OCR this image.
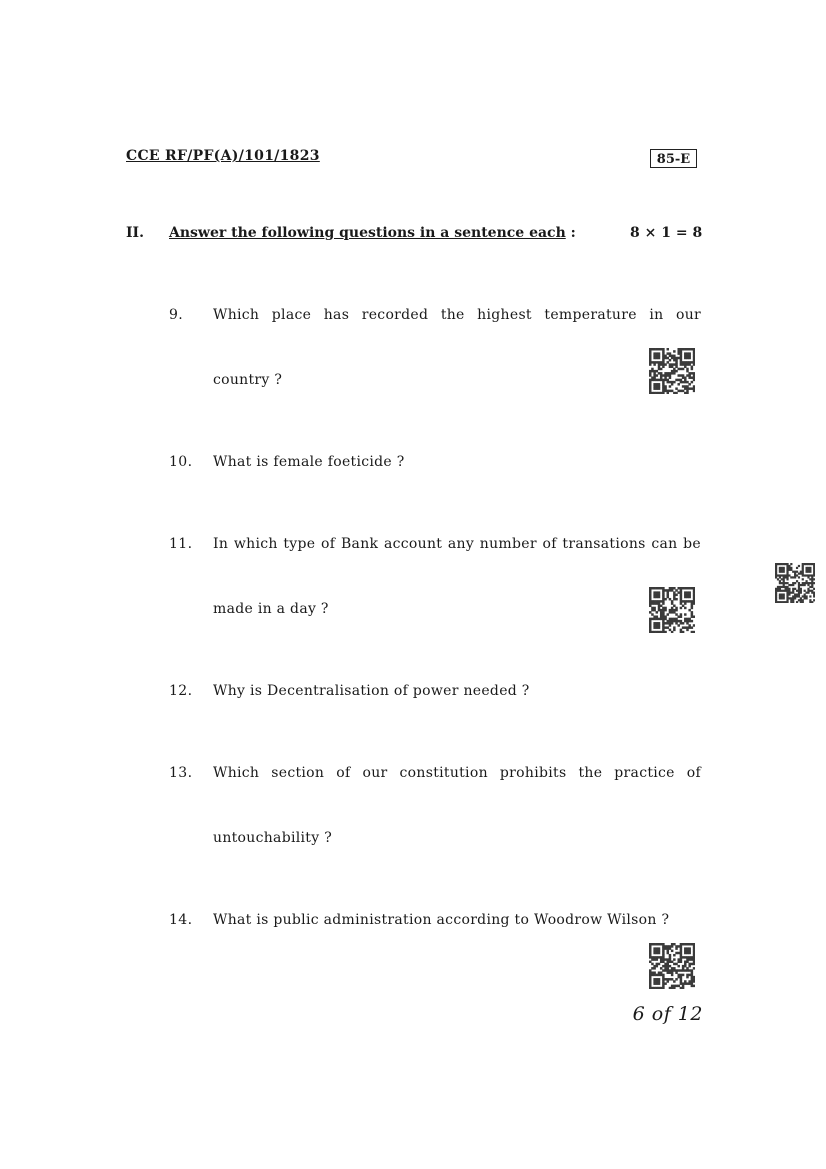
CCE RF/PF(A)/101/1823	85-E
II. Answer the following questions in a sentence each :	8 × 1 = 8
9. Which place has recorded the highest temperature in our
country ?
10. What is female foeticide ?
11. In which type of Bank account any number of transations can be
made in a day ?
12. Why is Decentralisation of power needed ?
13. Which section of our constitution prohibits the practice of
untouchability ?
14. What is public administration according to Woodrow Wilson ?
6 of 12
